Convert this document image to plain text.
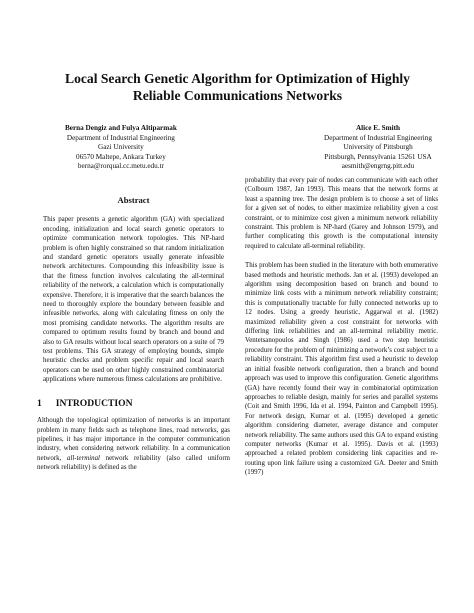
Local Search Genetic Algorithm for Optimization of Highly
Reliable Communications Networks
Berna Dengiz and Fulya Altiparmak
Department of Industrial Engineering
Gazi University
06570 Maltepe, Ankara Turkey
berna@rorqual.cc.metu.edu.tr
Alice E. Smith
Department of Industrial Engineering
University of Pittsburgh
Pittsburgh, Pennsylvania 15261 USA
aesmith@engrng.pitt.edu
Abstract

This paper presents a genetic algorithm (GA) with specialized encoding, initialization and local search genetic operators to optimize communication network topologies. This NP-hard problem is often highly constrained so that random initialization and standard genetic operators usually generate infeasible network architectures. Compounding this infeasibility issue is that the fitness function involves calculating the all-terminal reliability of the network, a calculation which is computationally expensive. Therefore, it is imperative that the search balances the need to thoroughly explore the boundary between feasible and infeasible networks, along with calculating fitness on only the most promising candidate networks. The algorithm results are compared to optimum results found by branch and bound and also to GA results without local search operators on a suite of 79 test problems. This GA strategy of employing bounds, simple heuristic checks and problem specific repair and local search operators can be used on other highly constrained combinatorial applications where numerous fitness calculations are prohibitive.

1 INTRODUCTION

Although the topological optimization of networks is an important problem in many fields such as telephone lines, road networks, gas pipelines, it has major importance in the computer communication industry, when considering network reliability. In a communication network, all-terminal network reliability (also called uniform network reliability) is defined as the

probability that every pair of nodes can communicate with each other (Colbourn 1987, Jan 1993). This means that the network forms at least a spanning tree. The design problem is to choose a set of links for a given set of nodes, to either maximize reliability given a cost constraint, or to minimize cost given a minimum network reliability constraint. This problem is NP-hard (Garey and Johnson 1979), and further complicating this growth is the computational intensity required to calculate all-terminal reliability.

This problem has been studied in the literature with both enumerative based methods and heuristic methods. Jan et al. (1993) developed an algorithm using decomposition based on branch and bound to minimize link costs with a minimum network reliability constraint; this is computationally tractable for fully connected networks up to 12 nodes. Using a greedy heuristic, Aggarwal et al. (1982) maximized reliability given a cost constraint for networks with differing link reliabilities and an all-terminal reliability metric. Ventetsanopoulos and Singh (1986) used a two step heuristic procedure for the problem of minimizing a network’s cost subject to a reliability constraint. This algorithm first used a heuristic to develop an initial feasible network configuration, then a branch and bound approach was used to improve this configuration. Genetic algorithms (GA) have recently found their way in combinatorial optimization approaches to reliable design, mainly for series and parallel systems (Coit and Smith 1996, Ida et al. 1994, Painton and Campbell 1995). For network design, Kumar et al. (1995) developed a genetic algorithm considering diameter, average distance and computer network reliability. The same authors used this GA to expand existing computer networks (Kumar et al. 1995). Davis et al. (1993) approached a related problem considering link capacities and re-routing upon link failure using a customized GA. Deeter and Smith (1997)
